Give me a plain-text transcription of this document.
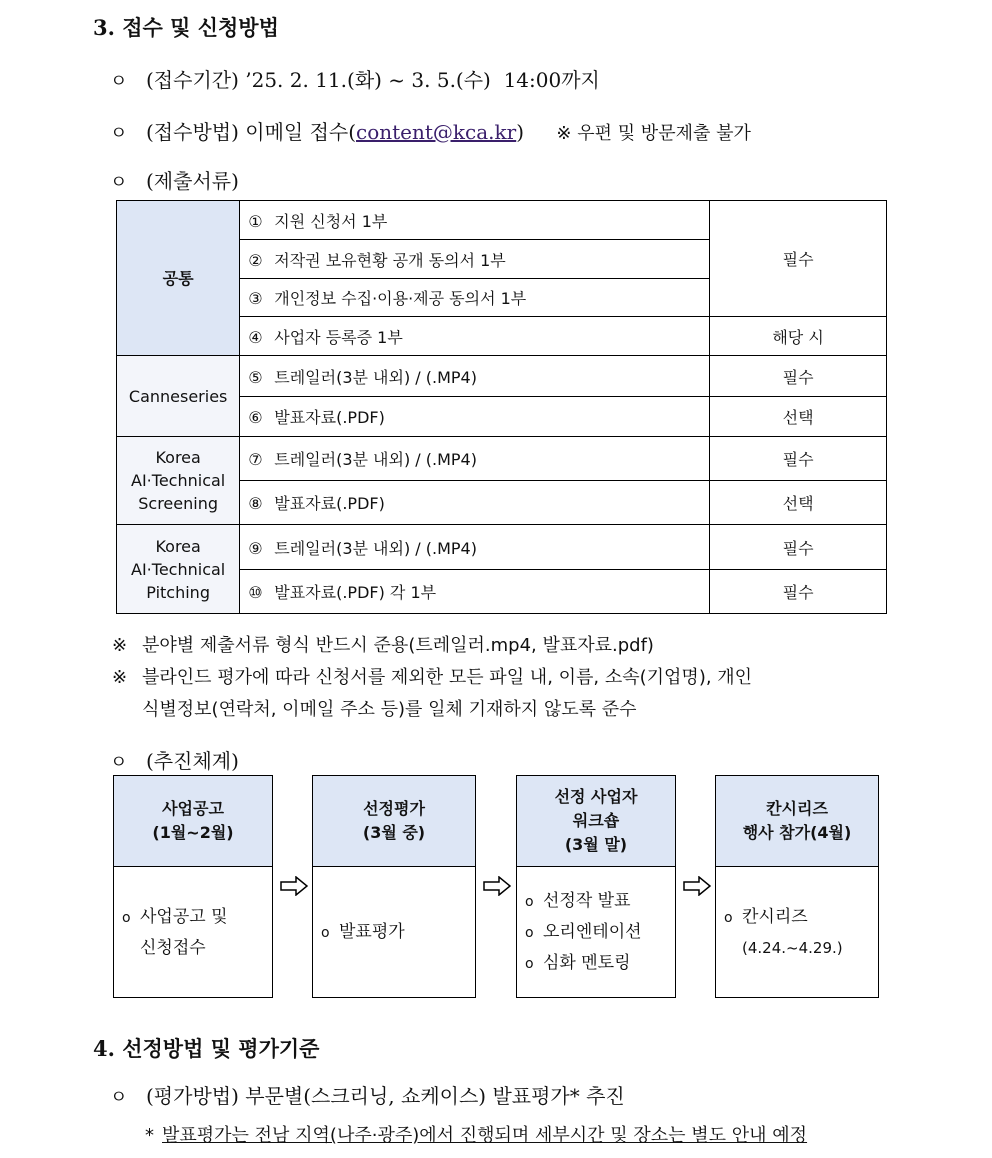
3. 접수 및 신청방법
ㅇ (접수기간) ’25. 2. 11.(화) ~ 3. 5.(수)  14:00까지
ㅇ (접수방법) 이메일 접수(content@kca.kr) ※ 우편 및 방문제출 불가
ㅇ (제출서류)
공통	① 지원 신청서 1부	필수
	② 저작권 보유현황 공개 동의서 1부	
	③ 개인정보 수집·이용·제공 동의서 1부	
	④ 사업자 등록증 1부	해당 시
Canneseries	⑤ 트레일러(3분 내외) / (.MP4)	필수
	⑥ 발표자료(.PDF)	선택

Korea
AI·Technical
Screening	⑦ 트레일러(3분 내외) / (.MP4)	필수
	⑧ 발표자료(.PDF)	선택

Korea
AI·Technical
Pitching	⑨ 트레일러(3분 내외) / (.MP4)	필수
	⑩ 발표자료(.PDF) 각 1부	필수
※ 분야별 제출서류 형식 반드시 준용(트레일러.mp4, 발표자료.pdf)
※ 블라인드 평가에 따라 신청서를 제외한 모든 파일 내, 이름, 소속(기업명), 개인
식별정보(연락처, 이메일 주소 등)를 일체 기재하지 않도록 준수
ㅇ (추진체계)
사업공고
(1월~2월)
o 사업공고 및
신청접수
선정평가
(3월 중)
o 발표평가
선정 사업자
워크숍
(3월 말)
o 선정작 발표
o 오리엔테이션
o 심화 멘토링
칸시리즈
행사 참가(4월)
o 칸시리즈
(4.24.~4.29.)
4. 선정방법 및 평가기준
ㅇ (평가방법) 부문별(스크리닝, 쇼케이스) 발표평가* 추진
* 발표평가는 전남 지역(나주·광주)에서 진행되며 세부시간 및 장소는 별도 안내 예정
